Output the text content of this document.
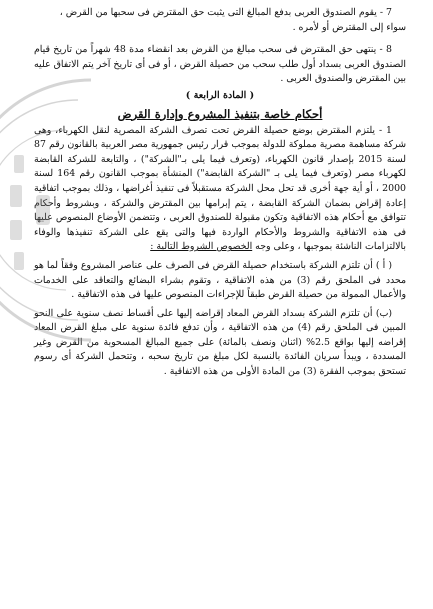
7 - يقوم الصندوق العربى بدفع المبالغ التى يثبت حق المقترض فى سحبها من القرض ،

سواء إلى المقترض أو لأمره .

8 - ينتهى حق المقترض فى سحب مبالغ من القرض بعد انقضاء مدة 48 شهراً من تاريخ قيام الصندوق العربى بسداد أول طلب سحب من حصيلة القرض ، أو فى أى تاريخ آخر يتم الاتفاق عليه بين المقترض والصندوق العربى .

( المادة الرابعة )

أحكام خاصة بتنفيذ المشروع وإدارة القرض

1 - يلتزم المقترض بوضع حصيلة القرض تحت تصرف الشركة المصرية لنقل الكهرباء، وهى شركة مساهمة مصرية مملوكة للدولة بموجب قرار رئيس جمهورية مصر العربية بالقانون رقم 87 لسنة 2015 بإصدار قانون الكهرباء، (وتعرف فيما يلى بـ"الشركة") ، والتابعة للشركة القابضة لكهرباء مصر (وتعرف فيما يلى بـ "الشركة القابضة") المنشأة بموجب القانون رقم 164 لسنة 2000 ، أو أية جهة أخرى قد تحل محل الشركة مستقبلاً فى تنفيذ أغراضها ، وذلك بموجب اتفاقية إعادة إقراض بضمان الشركة القابضة ، يتم إبرامها بين المقترض والشركة ، وبشروط وأحكام تتوافق مع أحكام هذه الاتفاقية وتكون مقبولة للصندوق العربى ، وتتضمن الأوضاع المنصوص عليها فى هذه الاتفاقية والشروط والأحكام الواردة فيها والتى يقع على الشركة تنفيذها والوفاء بالالتزامات الناشئة بموجبها ، وعلى وجه الخصوص الشروط التالية :

( أ ) أن تلتزم الشركة باستخدام حصيلة القرض فى الصرف على عناصر المشروع وفقاً لما هو محدد فى الملحق رقم (3) من هذه الاتفاقية ، وتقوم بشراء البضائع والتعاقد على الخدمات والأعمال الممولة من حصيلة القرض طبقاً للإجراءات المنصوص عليها فى هذه الاتفاقية .

(ب) أن تلتزم الشركة بسداد القرض المعاد إقراضه إليها على أقساط نصف سنوية على النحو المبين فى الملحق رقم (4) من هذه الاتفاقية ، وأن تدفع فائدة سنوية على مبلغ القرض المعاد إقراضه إليها بواقع 2.5% (اثنان ونصف بالمائة) على جميع المبالغ المسحوبة من القرض وغير المسددة ، ويبدأ سريان الفائدة بالنسبة لكل مبلغ من تاريخ سحبه ، وتتحمل الشركة أى رسوم تستحق بموجب الفقرة (3) من المادة الأولى من هذه الاتفاقية .
